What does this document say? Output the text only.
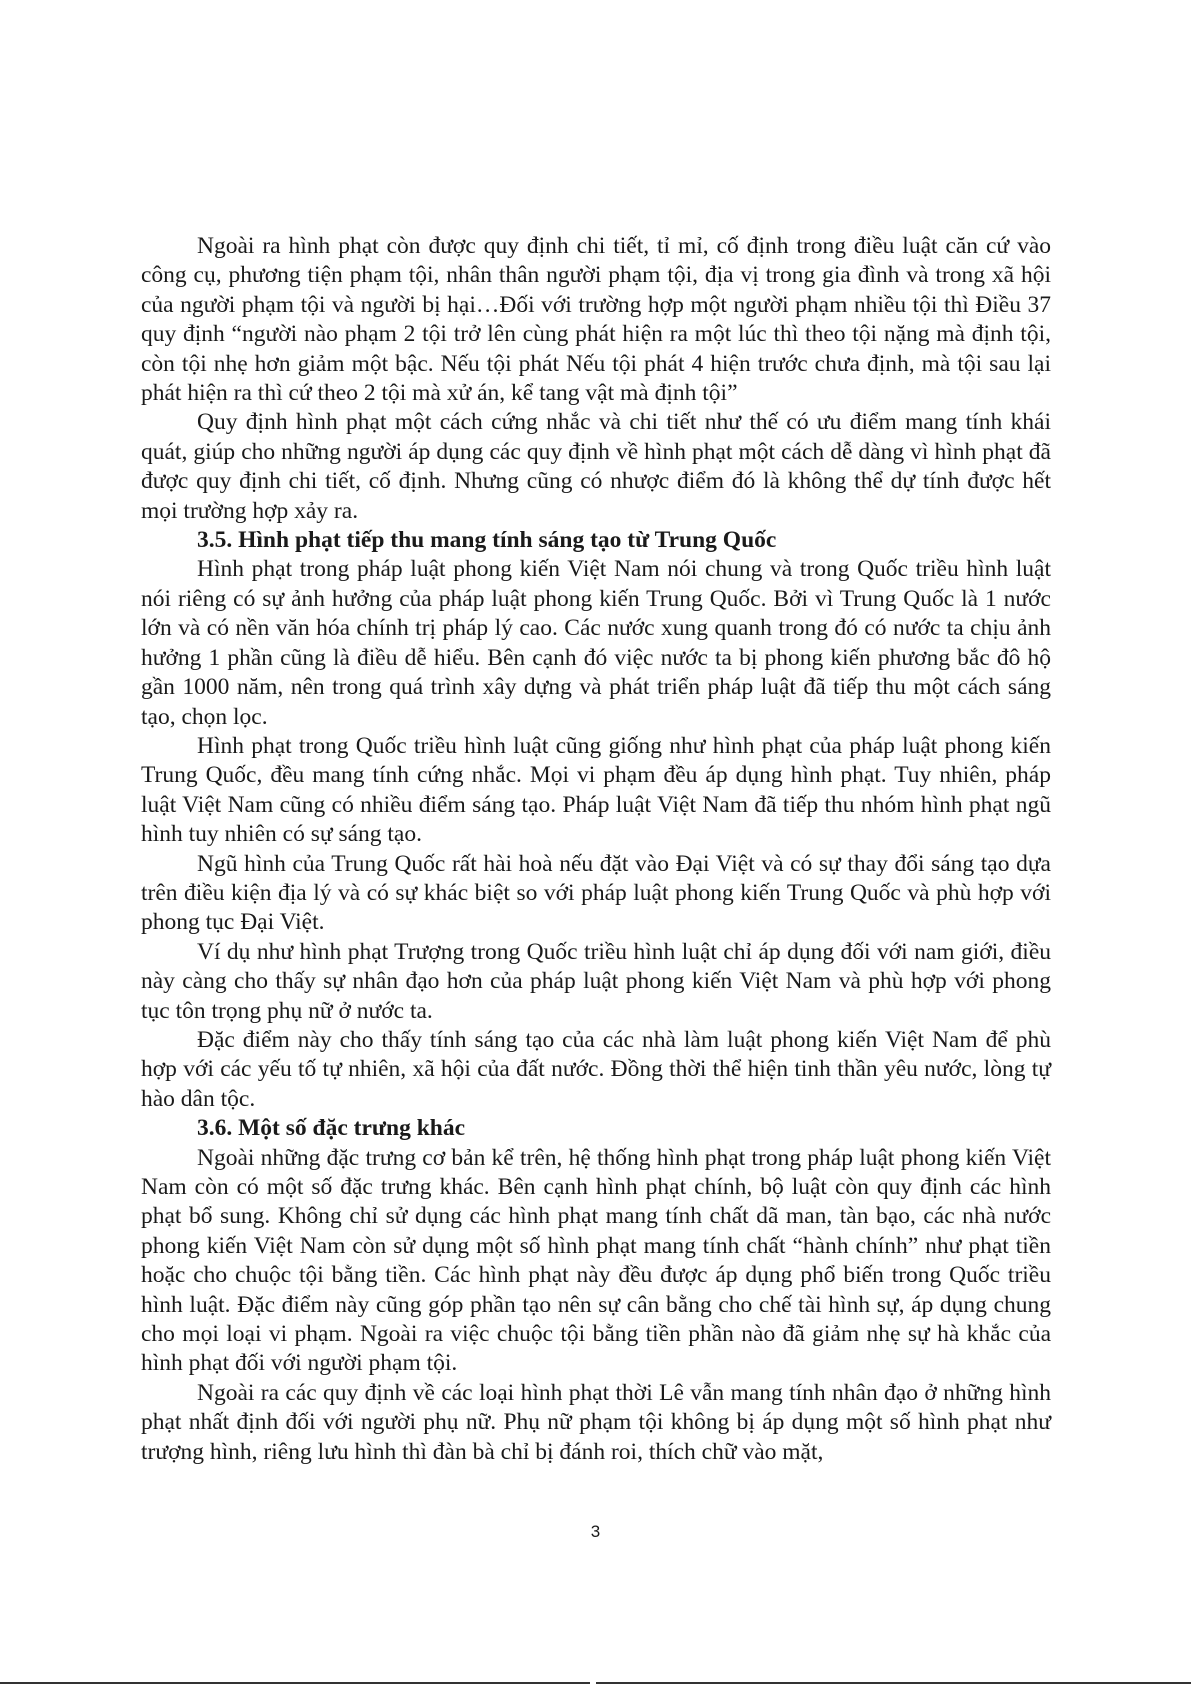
Ngoài ra hình phạt còn được quy định chi tiết, tỉ mỉ, cố định trong điều luật căn cứ vào công cụ, phương tiện phạm tội, nhân thân người phạm tội, địa vị trong gia đình và trong xã hội của người phạm tội và người bị hại…Đối với trường hợp một người phạm nhiều tội thì Điều 37 quy định “người nào phạm 2 tội trở lên cùng phát hiện ra một lúc thì theo tội nặng mà định tội, còn tội nhẹ hơn giảm một bậc. Nếu tội phát Nếu tội phát 4 hiện trước chưa định, mà tội sau lại phát hiện ra thì cứ theo 2 tội mà xử án, kể tang vật mà định tội”

Quy định hình phạt một cách cứng nhắc và chi tiết như thế có ưu điểm mang tính khái quát, giúp cho những người áp dụng các quy định về hình phạt một cách dễ dàng vì hình phạt đã được quy định chi tiết, cố định. Nhưng cũng có nhược điểm đó là không thể dự tính được hết mọi trường hợp xảy ra.

3.5. Hình phạt tiếp thu mang tính sáng tạo từ Trung Quốc

Hình phạt trong pháp luật phong kiến Việt Nam nói chung và trong Quốc triều hình luật nói riêng có sự ảnh hưởng của pháp luật phong kiến Trung Quốc. Bởi vì Trung Quốc là 1 nước lớn và có nền văn hóa chính trị pháp lý cao. Các nước xung quanh trong đó có nước ta chịu ảnh hưởng 1 phần cũng là điều dễ hiểu. Bên cạnh đó việc nước ta bị phong kiến phương bắc đô hộ gần 1000 năm, nên trong quá trình xây dựng và phát triển pháp luật đã tiếp thu một cách sáng tạo, chọn lọc.

Hình phạt trong Quốc triều hình luật cũng giống như hình phạt của pháp luật phong kiến Trung Quốc, đều mang tính cứng nhắc. Mọi vi phạm đều áp dụng hình phạt. Tuy nhiên, pháp luật Việt Nam cũng có nhiều điểm sáng tạo. Pháp luật Việt Nam đã tiếp thu nhóm hình phạt ngũ hình tuy nhiên có sự sáng tạo.

Ngũ hình của Trung Quốc rất hài hoà nếu đặt vào Đại Việt và có sự thay đổi sáng tạo dựa trên điều kiện địa lý và có sự khác biệt so với pháp luật phong kiến Trung Quốc và phù hợp với phong tục Đại Việt.

Ví dụ như hình phạt Trượng trong Quốc triều hình luật chỉ áp dụng đối với nam giới, điều này càng cho thấy sự nhân đạo hơn của pháp luật phong kiến Việt Nam và phù hợp với phong tục tôn trọng phụ nữ ở nước ta.

Đặc điểm này cho thấy tính sáng tạo của các nhà làm luật phong kiến Việt Nam để phù hợp với các yếu tố tự nhiên, xã hội của đất nước. Đồng thời thể hiện tinh thần yêu nước, lòng tự hào dân tộc.

3.6. Một số đặc trưng khác

Ngoài những đặc trưng cơ bản kể trên, hệ thống hình phạt trong pháp luật phong kiến Việt Nam còn có một số đặc trưng khác. Bên cạnh hình phạt chính, bộ luật còn quy định các hình phạt bổ sung. Không chỉ sử dụng các hình phạt mang tính chất dã man, tàn bạo, các nhà nước phong kiến Việt Nam còn sử dụng một số hình phạt mang tính chất “hành chính” như phạt tiền hoặc cho chuộc tội bằng tiền. Các hình phạt này đều được áp dụng phổ biến trong Quốc triều hình luật. Đặc điểm này cũng góp phần tạo nên sự cân bằng cho chế tài hình sự, áp dụng chung cho mọi loại vi phạm. Ngoài ra việc chuộc tội bằng tiền phần nào đã giảm nhẹ sự hà khắc của hình phạt đối với người phạm tội.

Ngoài ra các quy định về các loại hình phạt thời Lê vẫn mang tính nhân đạo ở những hình phạt nhất định đối với người phụ nữ. Phụ nữ phạm tội không bị áp dụng một số hình phạt như trượng hình, riêng lưu hình thì đàn bà chỉ bị đánh roi, thích chữ vào mặt,

3
